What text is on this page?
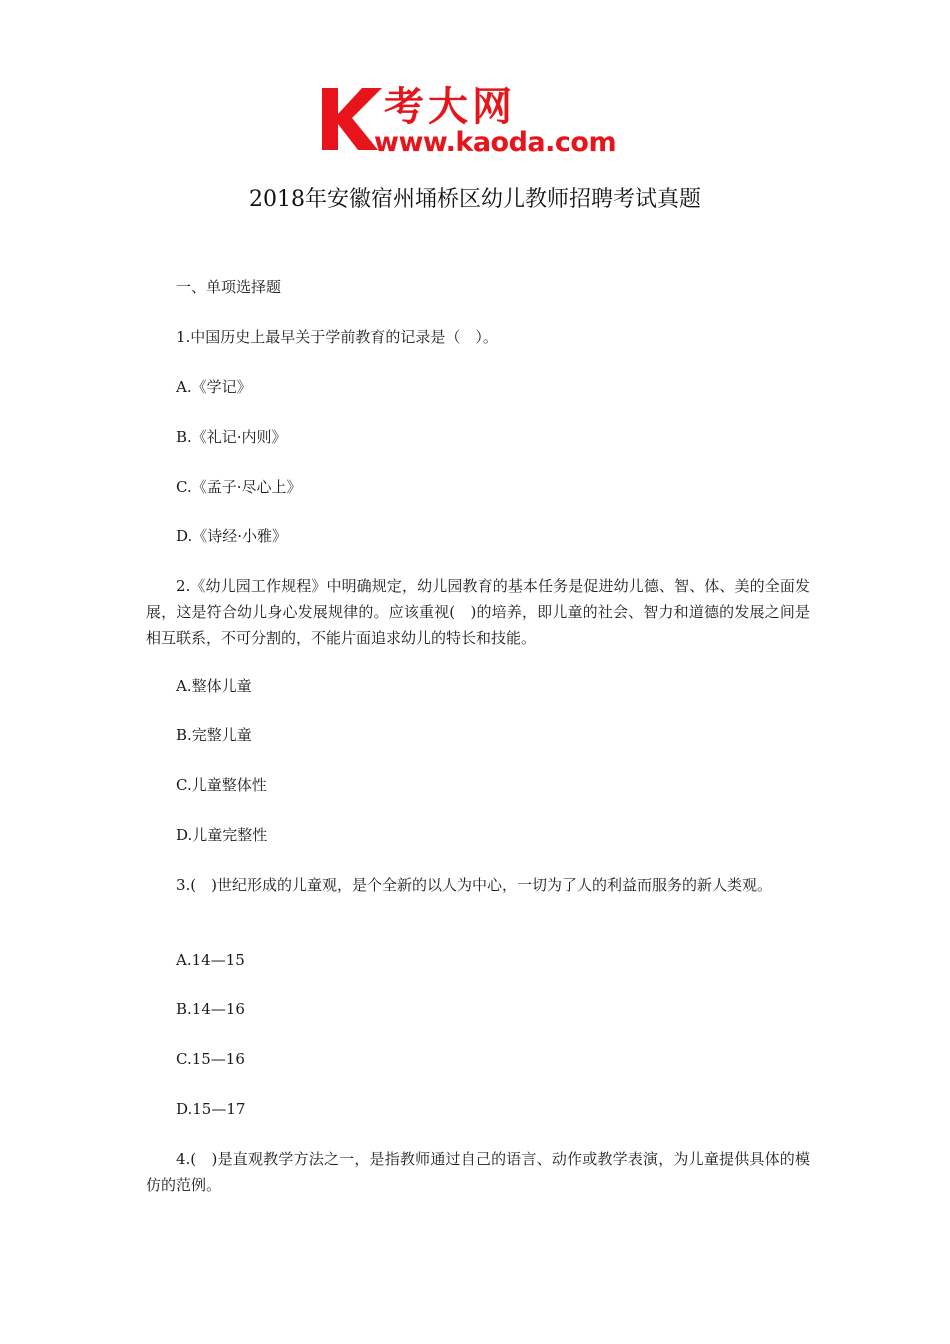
考大网
www.kaoda.com
2018年安徽宿州埇桥区幼儿教师招聘考试真题
一、单项选择题
1.中国历史上最早关于学前教育的记录是（　）。
A.《学记》
B.《礼记·内则》
C.《孟子·尽心上》
D.《诗经·小雅》
2.《幼儿园工作规程》中明确规定，幼儿园教育的基本任务是促进幼儿德、智、体、美的全面发展，这是符合幼儿身心发展规律的。应该重视(　)的培养，即儿童的社会、智力和道德的发展之间是相互联系，不可分割的，不能片面追求幼儿的特长和技能。
A.整体儿童
B.完整儿童
C.儿童整体性
D.儿童完整性
3.(　)世纪形成的儿童观，是个全新的以人为中心，一切为了人的利益而服务的新人类观。
A.14—15
B.14—16
C.15—16
D.15—17
4.(　)是直观教学方法之一，是指教师通过自己的语言、动作或教学表演，为儿童提供具体的模仿的范例。
